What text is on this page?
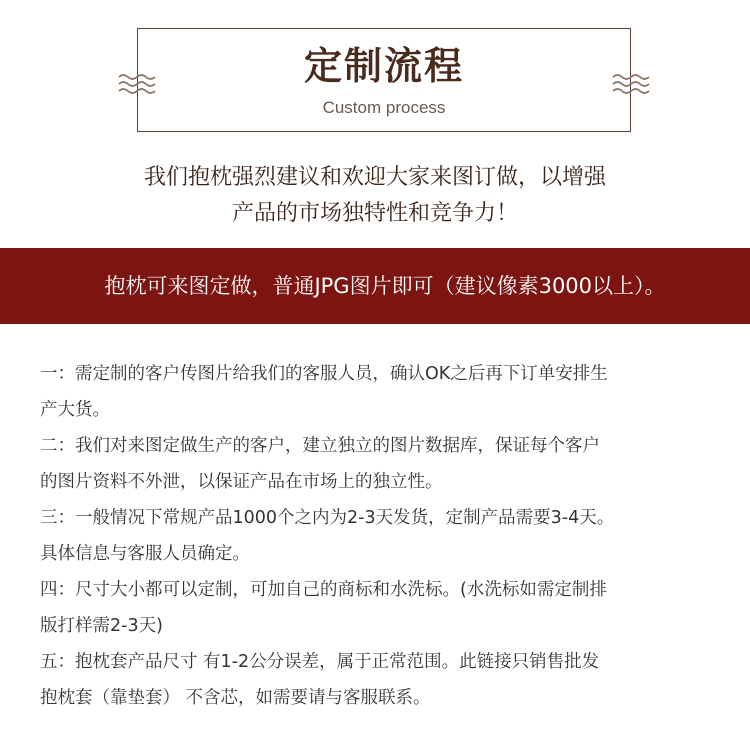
定制流程
Custom process
我们抱枕强烈建议和欢迎大家来图订做，以增强
产品的市场独特性和竞争力！
抱枕可来图定做，普通JPG图片即可（建议像素3000以上）。

一：需定制的客户传图片给我们的客服人员，确认OK之后再下订单安排生
产大货。

二：我们对来图定做生产的客户，建立独立的图片数据库，保证每个客户
的图片资料不外泄，以保证产品在市场上的独立性。

三：一般情况下常规产品1000个之内为2-3天发货，定制产品需要3-4天。
具体信息与客服人员确定。

四：尺寸大小都可以定制，可加自己的商标和水洗标。(水洗标如需定制排
版打样需2-3天)

五：抱枕套产品尺寸 有1-2公分误差，属于正常范围。此链接只销售批发
抱枕套（靠垫套） 不含芯，如需要请与客服联系。
